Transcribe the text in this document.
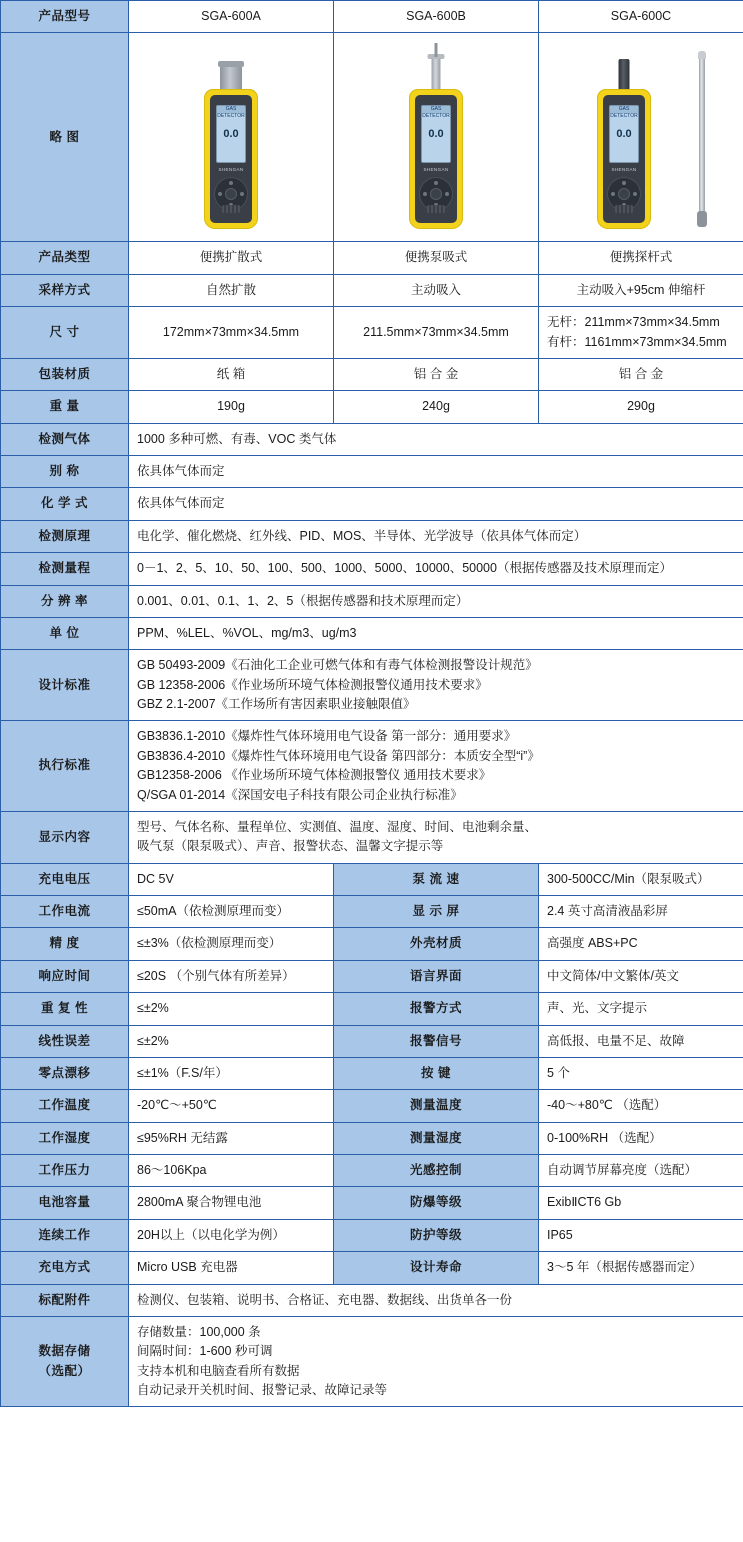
产品型号	SGA-600A	SGA-600B	SGA-600C
略 图	
GAS DETECTOR
0.0
SHENGAN

GAS DETECTOR
0.0
SHENGAN

GAS DETECTOR
0.0
SHENGAN

产品类型	便携扩散式	便携泵吸式	便携探杆式
采样方式	自然扩散	主动吸入	主动吸入+95cm 伸缩杆
尺 寸	172mm×73mm×34.5mm	211.5mm×73mm×34.5mm	无杆：211mm×73mm×34.5mm
有杆：1161mm×73mm×34.5mm

包装材质	纸 箱	铝 合 金	铝 合 金
重 量	190g	240g	290g
检测气体	1000 多种可燃、有毒、VOC 类气体		
别 称	依具体气体而定		
化 学 式	依具体气体而定		
检测原理	电化学、催化燃烧、红外线、PID、MOS、半导体、光学波导（依具体气体而定）		
检测量程	0－1、2、5、10、50、100、500、1000、5000、10000、50000（根据传感器及技术原理而定）		
分 辨 率	0.001、0.01、0.1、1、2、5（根据传感器和技术原理而定）		
单 位	PPM、%LEL、%VOL、mg/m3、ug/m3		
设计标准	GB 50493-2009《石油化工企业可燃气体和有毒气体检测报警设计规范》
GB 12358-2006《作业场所环境气体检测报警仪通用技术要求》
GBZ 2.1-2007《工作场所有害因素职业接触限值》		

执行标准	GB3836.1-2010《爆炸性气体环境用电气设备 第一部分：通用要求》
GB3836.4-2010《爆炸性气体环境用电气设备 第四部分：本质安全型“i”》
GB12358-2006 《作业场所环境气体检测报警仪 通用技术要求》
Q/SGA 01-2014《深国安电子科技有限公司企业执行标准》		

显示内容	型号、气体名称、量程单位、实测值、温度、湿度、时间、电池剩余量、
吸气泵（限泵吸式）、声音、报警状态、温馨文字提示等		

充电电压	DC 5V	泵 流 速	300-500CC/Min（限泵吸式）
工作电流	≤50mA（依检测原理而变）	显 示 屏	2.4 英寸高清液晶彩屏
精 度	≤±3%（依检测原理而变）	外壳材质	高强度 ABS+PC
响应时间	≤20S （个别气体有所差异）	语言界面	中文简体/中文繁体/英文
重 复 性	≤±2%	报警方式	声、光、文字提示
线性误差	≤±2%	报警信号	高低报、电量不足、故障
零点漂移	≤±1%（F.S/年）	按 键	5 个
工作温度	-20℃～+50℃	测量温度	-40～+80℃ （选配）
工作湿度	≤95%RH 无结露	测量湿度	0-100%RH （选配）
工作压力	86～106Kpa	光感控制	自动调节屏幕亮度（选配）
电池容量	2800mA 聚合物锂电池	防爆等级	ExibⅡCT6 Gb
连续工作	20H以上（以电化学为例）	防护等级	IP65
充电方式	Micro USB 充电器	设计寿命	3～5 年（根据传感器而定）
标配附件	检测仪、包装箱、说明书、合格证、充电器、数据线、出货单各一份		

数据存储
（选配）

存储数量：100,000 条
间隔时间：1-600 秒可调
支持本机和电脑查看所有数据
自动记录开关机时间、报警记录、故障记录等
